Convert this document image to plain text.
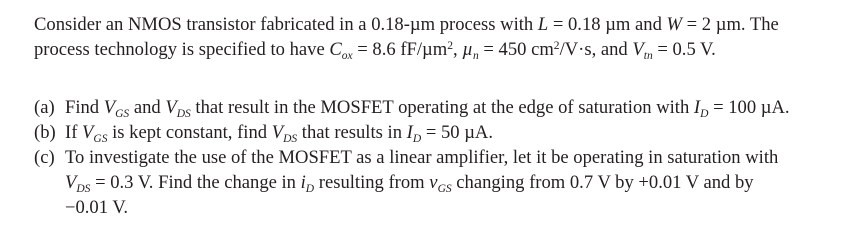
Consider an NMOS transistor fabricated in a 0.18-µm process with L = 0.18 µm and W = 2 µm. The
process technology is specified to have $C_{ox} = 8.6$ fF/µm$^2$, µ$_n$ = 450 $cm^2/V\cdot s$, and $V_{tn} = 0.5$ V.
(a) Find $V_{GS}$ and $V_{DS}$ that result in the MOSFET operating at the edge of saturation with $I_D = 100$ µA.
(b) If $V_{GS}$ is kept constant, find $V_{DS}$ that results in $I_D = 50$ µA.
(c) To investigate the use of the MOSFET as a linear amplifier, let it be operating in saturation with
$V_{DS} = 0.3$ V. Find the change in $i_D$ resulting from $v_{GS}$ changing from 0.7 V by +0.01 V and by
−0.01 V.
